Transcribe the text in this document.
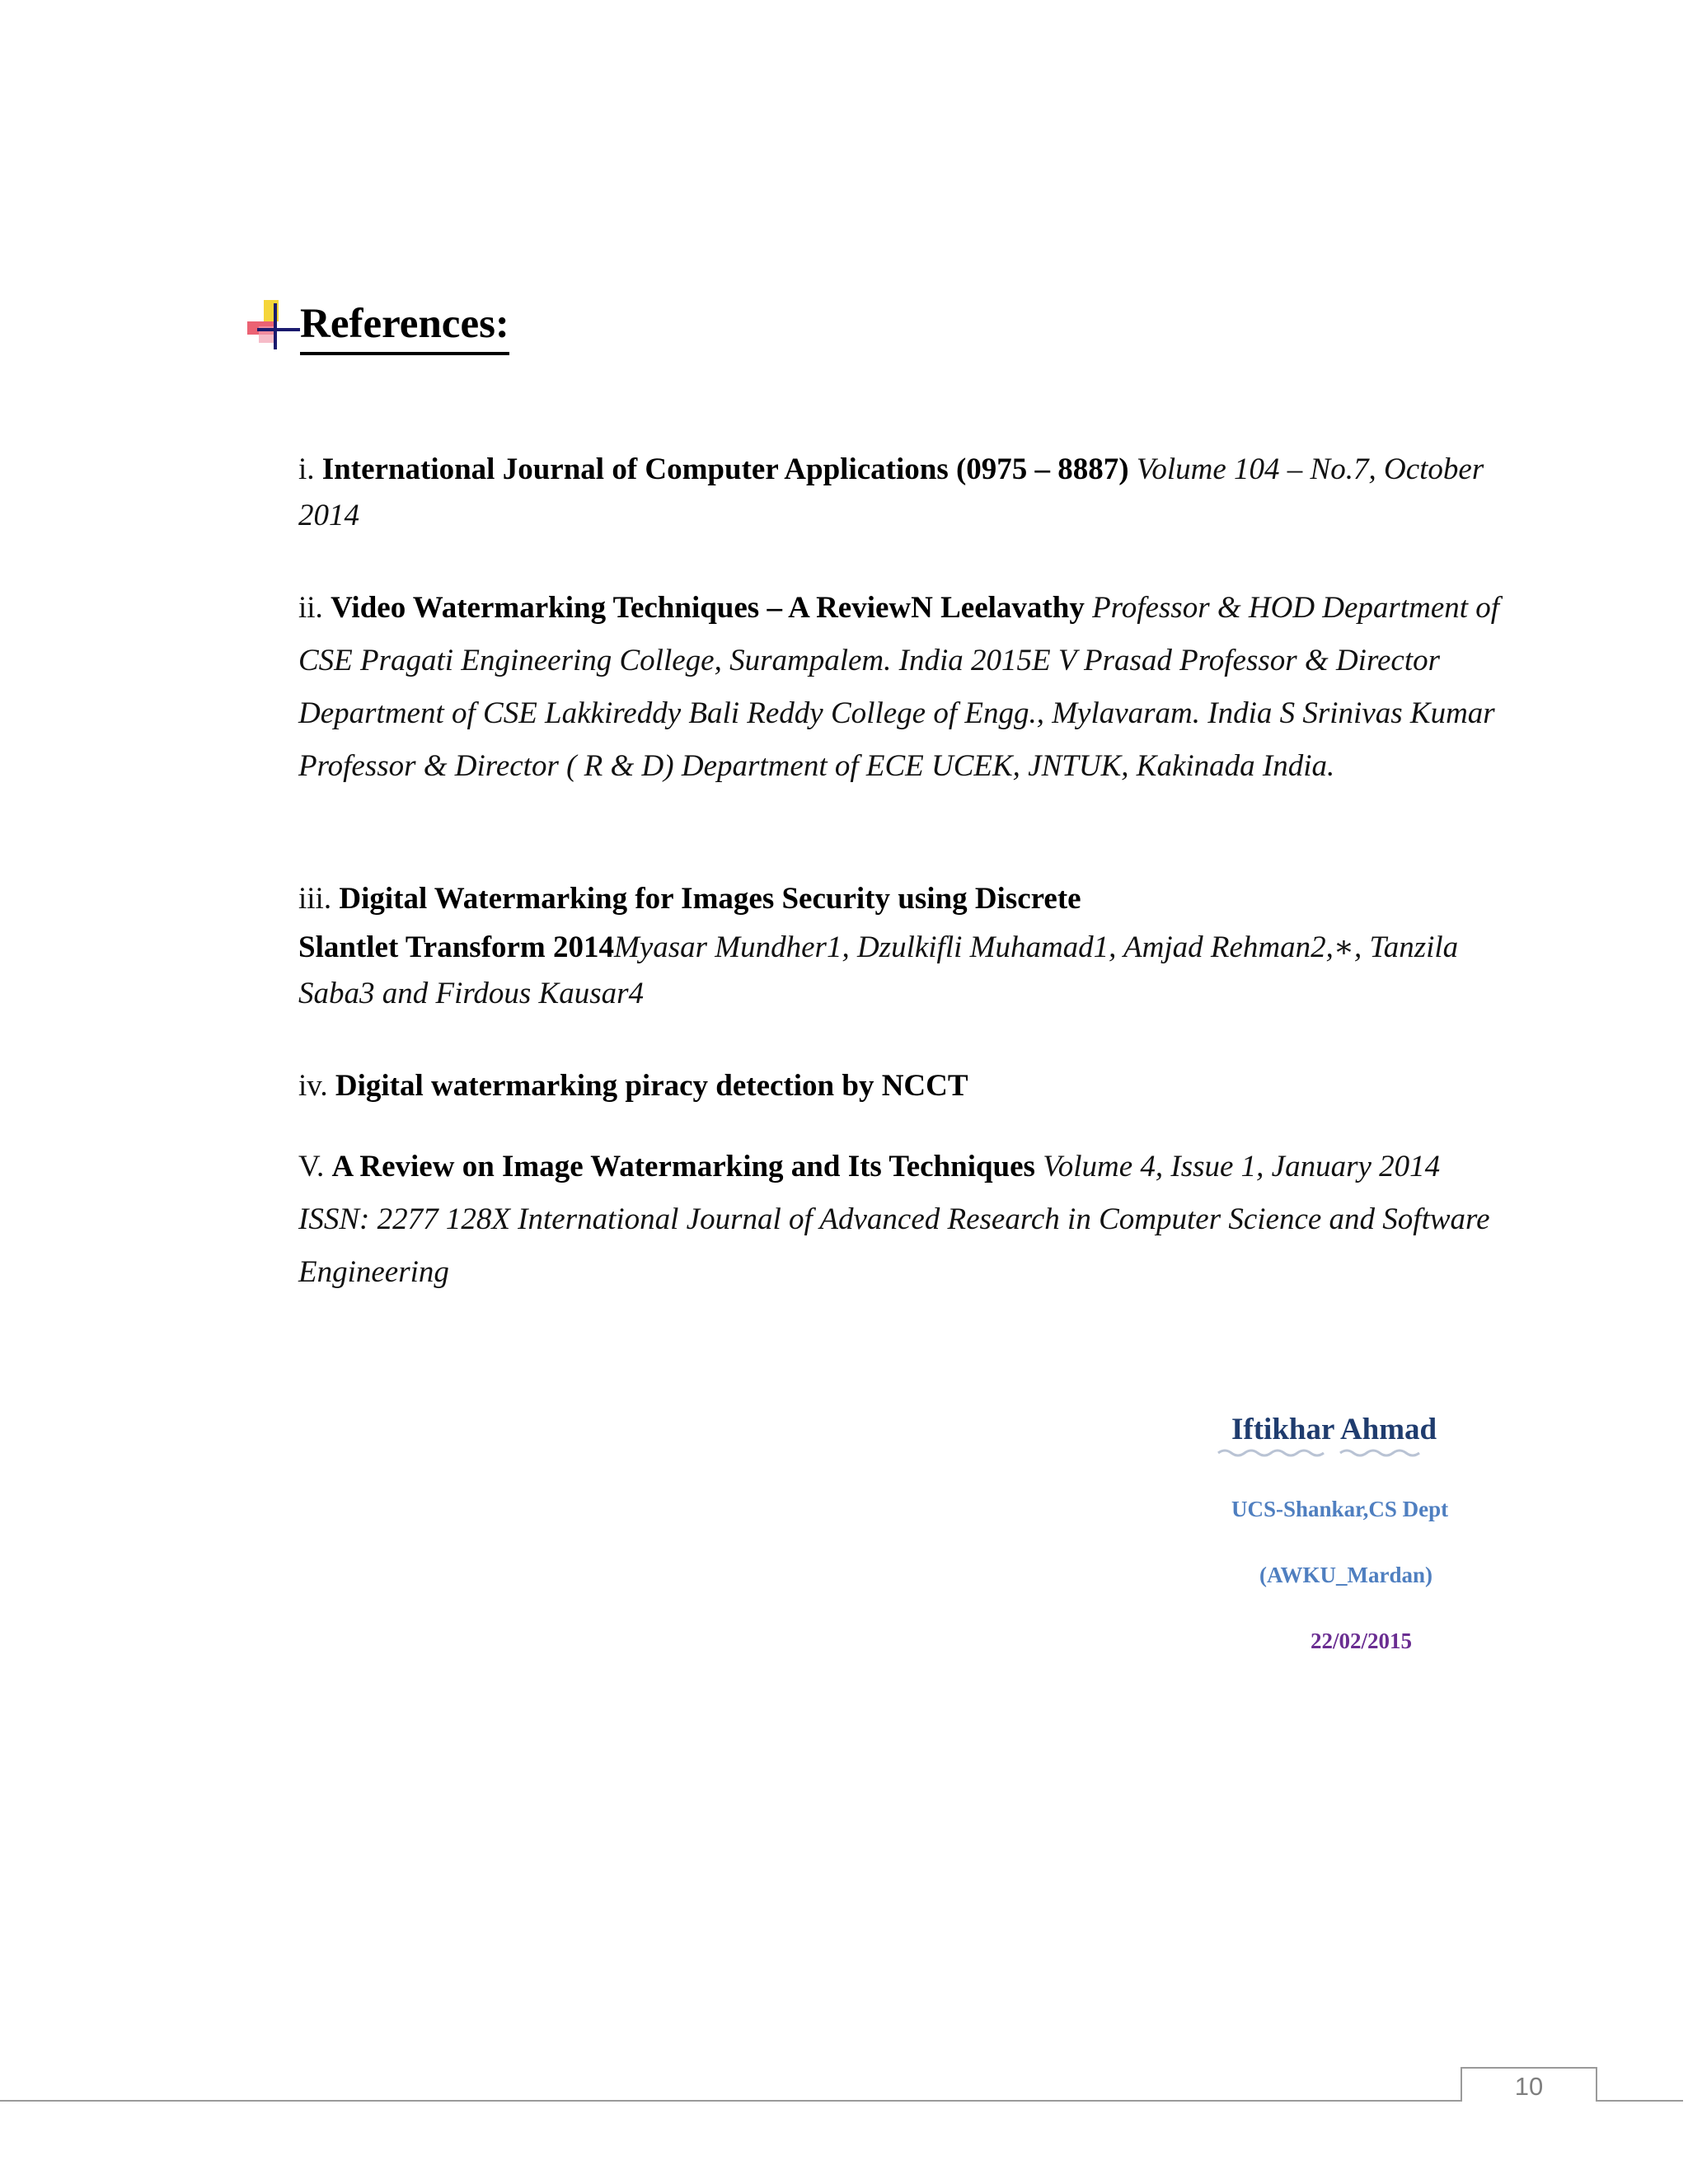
References:
i. International Journal of Computer Applications (0975 – 8887) Volume 104 – No.7, October 2014
ii. Video Watermarking Techniques – A ReviewN Leelavathy Professor & HOD Department of CSE Pragati Engineering College, Surampalem. India 2015E V Prasad Professor & Director Department of CSE Lakkireddy Bali Reddy College of Engg., Mylavaram. India S Srinivas Kumar Professor & Director ( R & D) Department of ECE UCEK, JNTUK, Kakinada India.
iii. Digital Watermarking for Images Security using Discrete
Slantlet Transform 2014Myasar Mundher1, Dzulkifli Muhamad1, Amjad Rehman2,∗, Tanzila Saba3 and Firdous Kausar4
iv. Digital watermarking piracy detection by NCCT
V. A Review on Image Watermarking and Its Techniques Volume 4, Issue 1, January 2014 ISSN: 2277 128X International Journal of Advanced Research in Computer Science and Software Engineering
Iftikhar Ahmad
UCS-Shankar,CS Dept
(AWKU_Mardan)
22/02/2015
10
